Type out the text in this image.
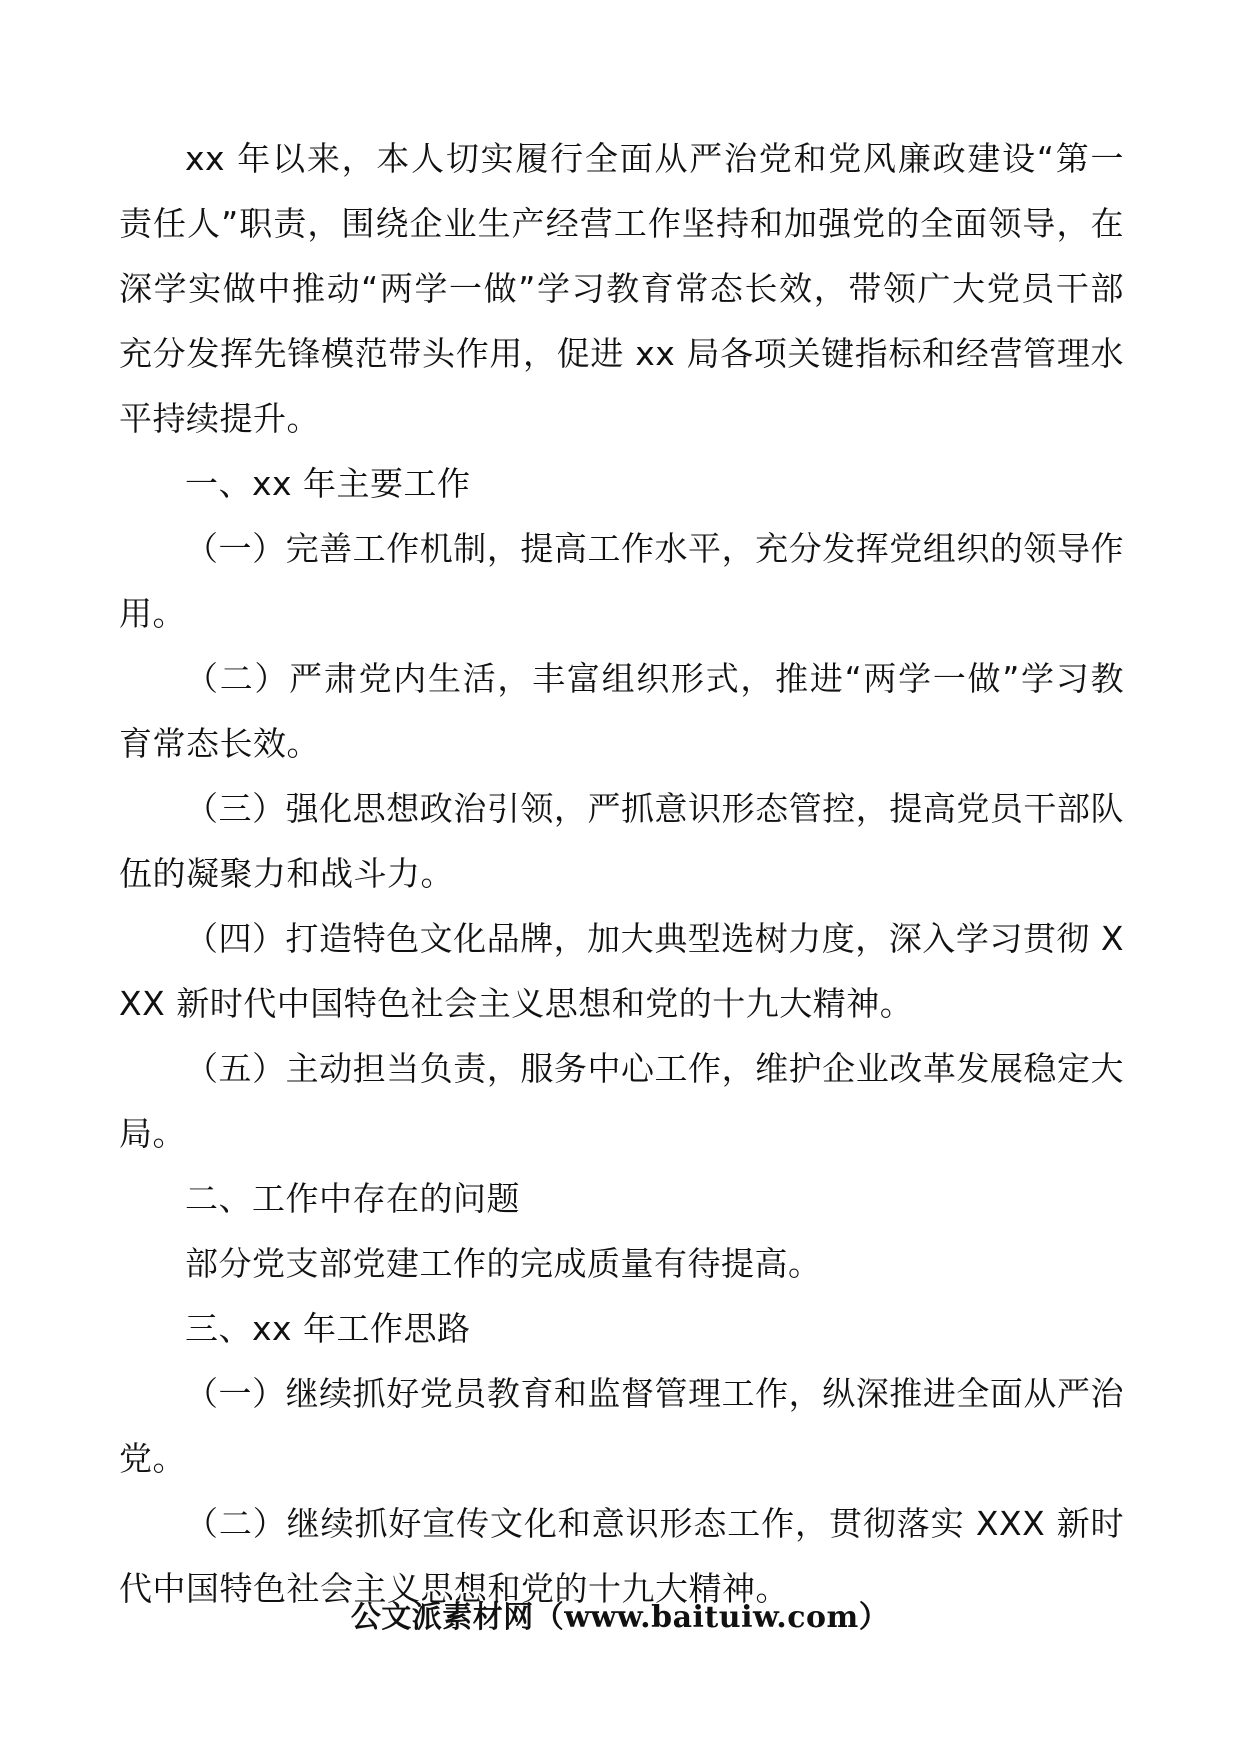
xx 年以来，本人切实履行全面从严治党和党风廉政建设“第一责任人”职责，围绕企业生产经营工作坚持和加强党的全面领导，在深学实做中推动“两学一做”学习教育常态长效，带领广大党员干部充分发挥先锋模范带头作用，促进 xx 局各项关键指标和经营管理水平持续提升。

一、xx 年主要工作

（一）完善工作机制，提高工作水平，充分发挥党组织的领导作用。

（二）严肃党内生活，丰富组织形式，推进“两学一做”学习教育常态长效。

（三）强化思想政治引领，严抓意识形态管控，提高党员干部队伍的凝聚力和战斗力。

（四）打造特色文化品牌，加大典型选树力度，深入学习贯彻 XXX 新时代中国特色社会主义思想和党的十九大精神。

（五）主动担当负责，服务中心工作，维护企业改革发展稳定大局。

二、工作中存在的问题

部分党支部党建工作的完成质量有待提高。

三、xx 年工作思路

（一）继续抓好党员教育和监督管理工作，纵深推进全面从严治党。

（二）继续抓好宣传文化和意识形态工作，贯彻落实 XXX 新时代中国特色社会主义思想和党的十九大精神。

公文派素材网（www.baituiw.com）
